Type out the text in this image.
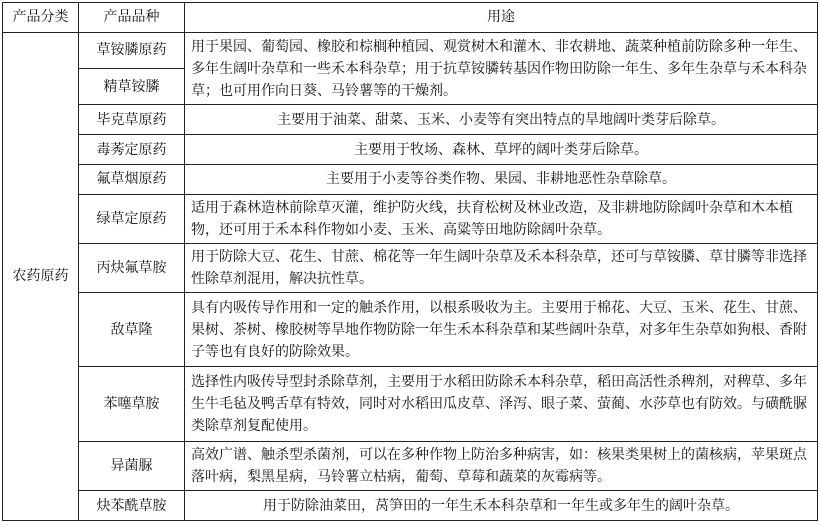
产品分类	产品品种	用途
农药原药	草铵膦原药	用于果园、葡萄园、橡胶和棕榈种植园、观赏树木和灌木、非农耕地、蔬菜种植前防除多种一年生、多年生阔叶杂草和一些禾本科杂草；用于抗草铵膦转基因作物田防除一年生、多年生杂草与禾本科杂草；也可用作向日葵、马铃薯等的干燥剂。
	精草铵膦	
	毕克草原药	主要用于油菜、甜菜、玉米、小麦等有突出特点的旱地阔叶类芽后除草。
	毒莠定原药	主要用于牧场、森林、草坪的阔叶类芽后除草。
	氟草烟原药	主要用于小麦等谷类作物、果园、非耕地恶性杂草除草。
	绿草定原药	适用于森林造林前除草灭灌，维护防火线，扶育松树及林业改造，及非耕地防除阔叶杂草和木本植物，还可用于禾本科作物如小麦、玉米、高粱等田地防除阔叶杂草。
	丙炔氟草胺	用于防除大豆、花生、甘蔗、棉花等一年生阔叶杂草及禾本科杂草，还可与草铵膦、草甘膦等非选择性除草剂混用，解决抗性草。
	敌草隆	具有内吸传导作用和一定的触杀作用，以根系吸收为主。主要用于棉花、大豆、玉米、花生、甘蔗、果树、茶树、橡胶树等旱地作物防除一年生禾本科杂草和某些阔叶杂草，对多年生杂草如狗根、香附子等也有良好的防除效果。
	苯噻草胺	选择性内吸传导型封杀除草剂，主要用于水稻田防除禾本科杂草，稻田高活性杀稗剂，对稗草、多年生牛毛毡及鸭舌草有特效，同时对水稻田瓜皮草、泽泻、眼子菜、萤蔺、水莎草也有防效。与磺酰脲类除草剂复配使用。
	异菌脲	高效广谱、触杀型杀菌剂，可以在多种作物上防治多种病害，如：核果类果树上的菌核病，苹果斑点落叶病，梨黑星病，马铃薯立枯病，葡萄、草莓和蔬菜的灰霉病等。
	炔苯酰草胺	用于防除油菜田，莴笋田的一年生禾本科杂草和一年生或多年生的阔叶杂草。
